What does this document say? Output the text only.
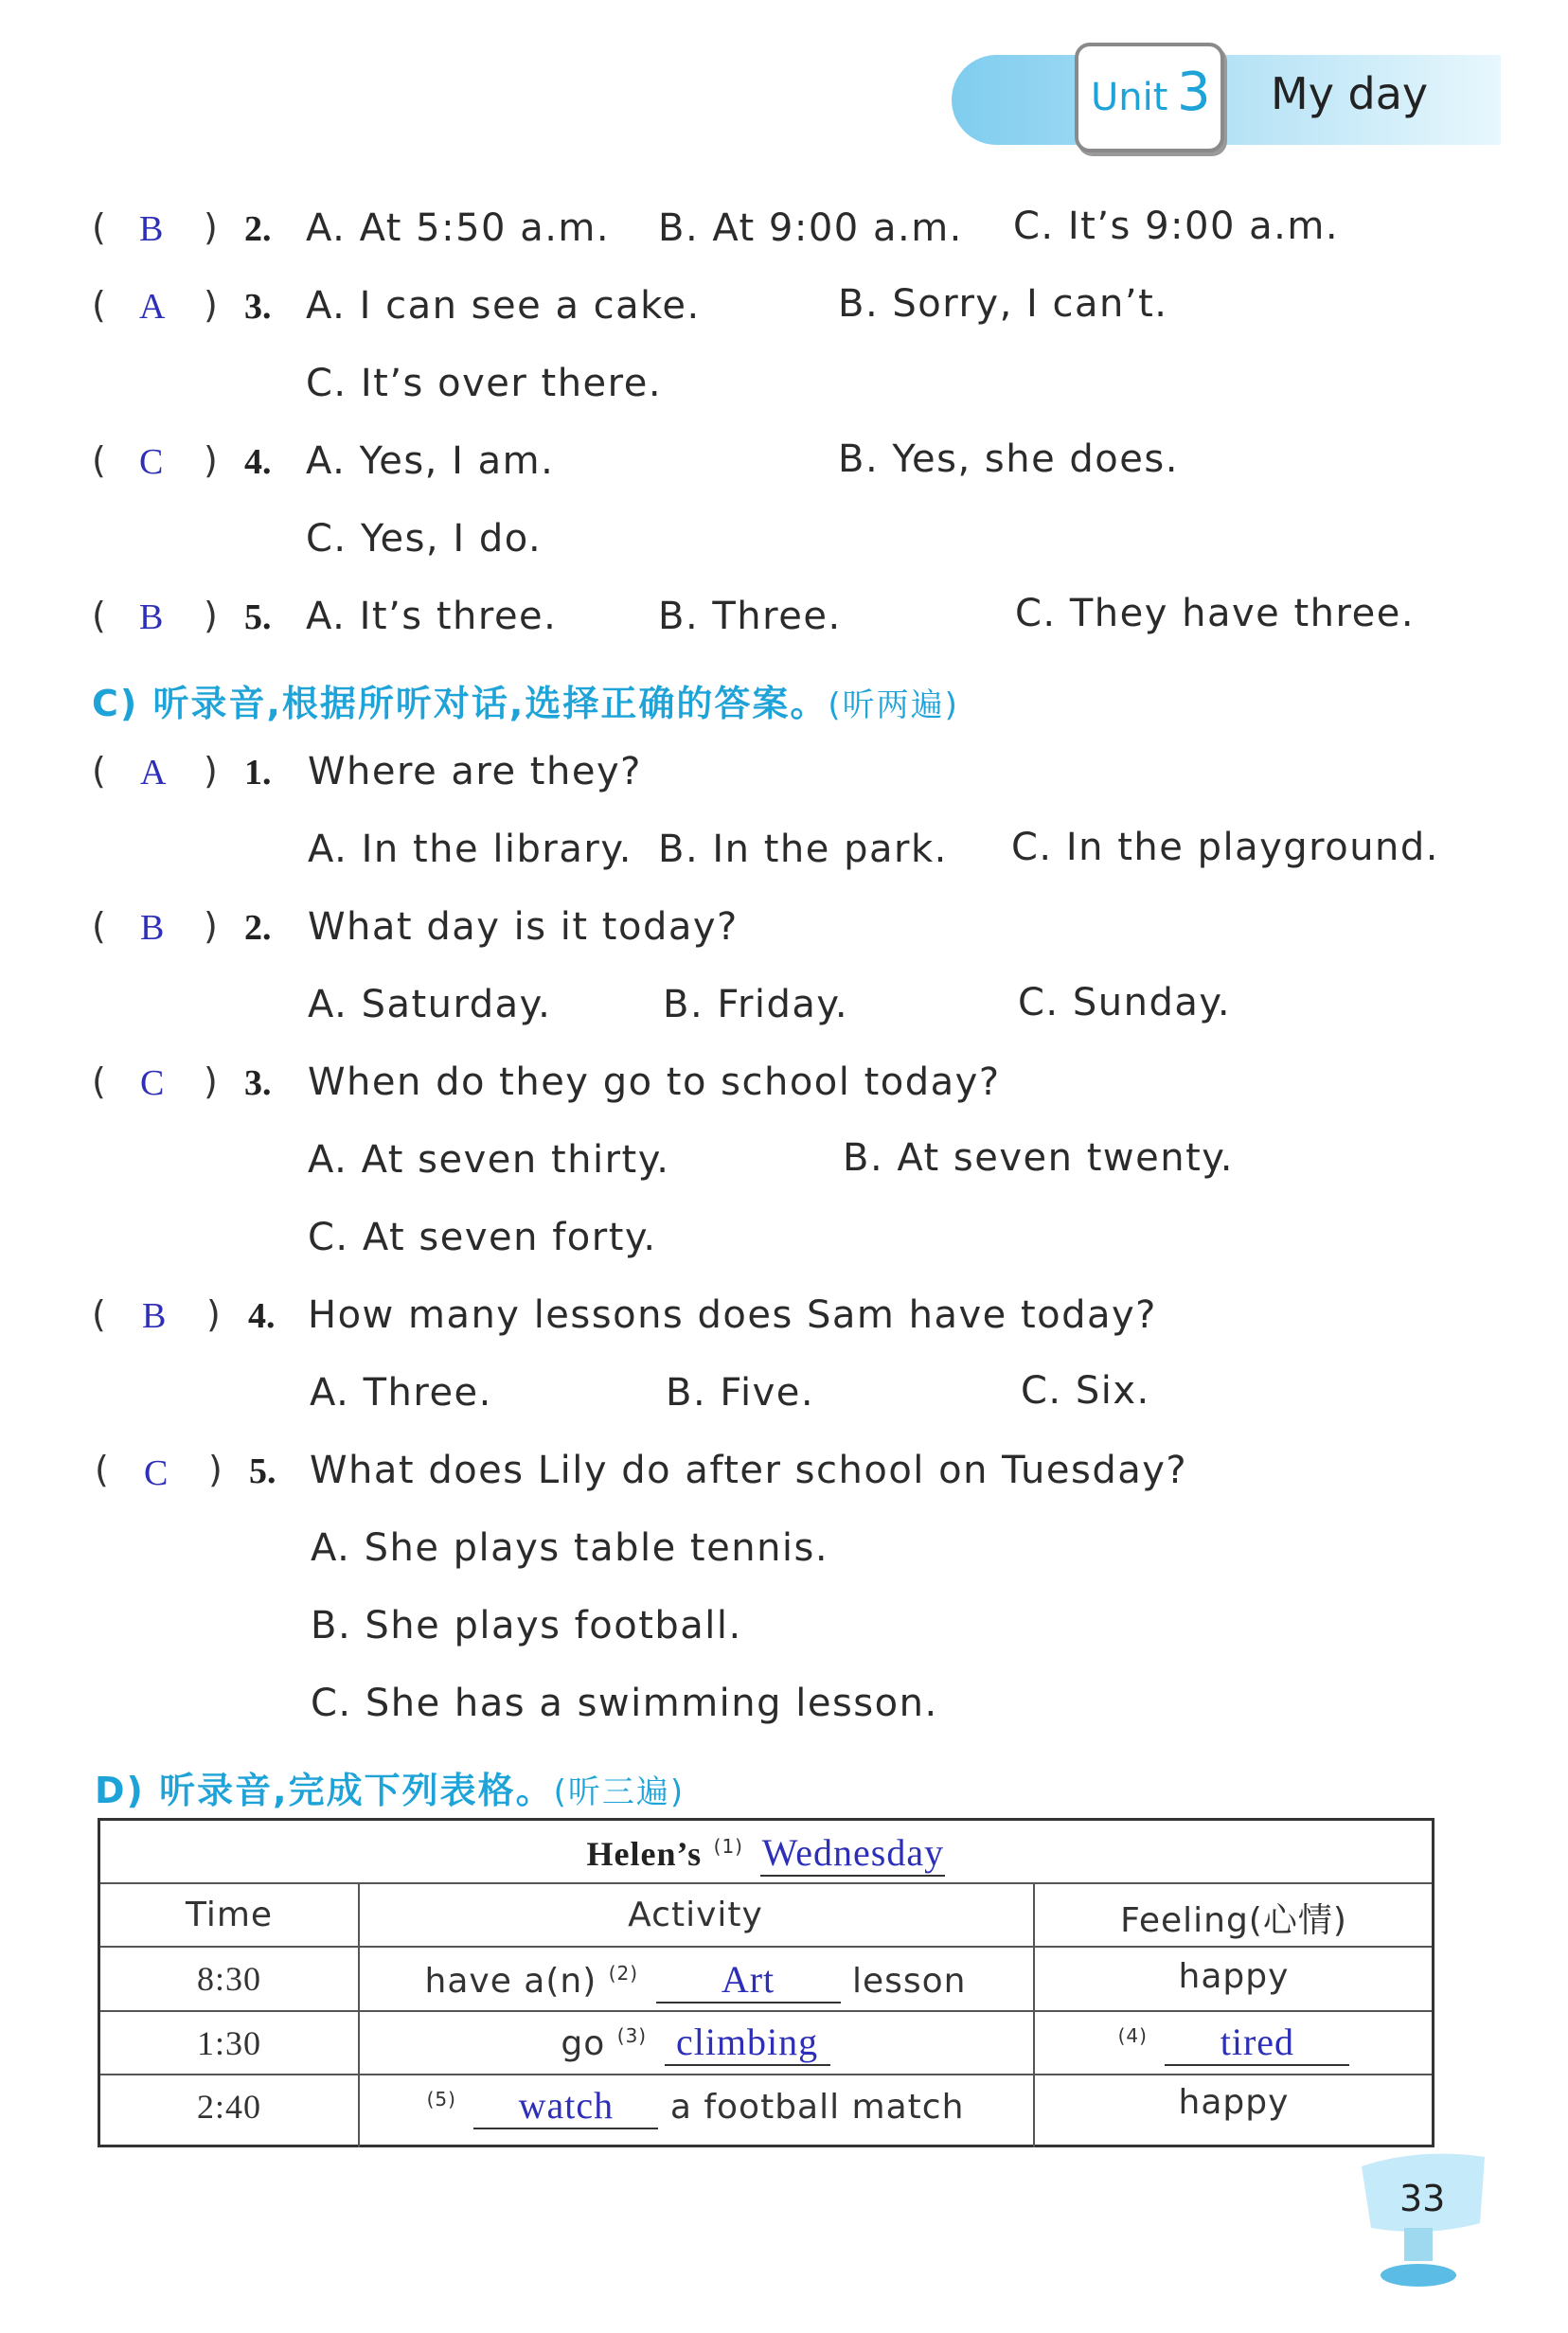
Unit 3 My day
( B ) 2. A. At 5:50 a.m. B. At 9:00 a.m. C. It’s 9:00 a.m.
( A ) 3. A. I can see a cake.	B. Sorry, I can’t.
C. It’s over there.
( C ) 4. A. Yes, I am.	B. Yes, she does.
C. Yes, I do.
( B ) 5. A. It’s three.	B. Three.	C. They have three.
C) 听录音,根据所听对话,选择正确的答案。(听两遍)
( A ) 1. Where are they?
A. In the library. B. In the park. C. In the playground.
( B ) 2. What day is it today?
A. Saturday.	B. Friday.	C. Sunday.
( C ) 3. When do they go to school today?
A. At seven thirty.	B. At seven twenty.
C. At seven forty.
( B ) 4. How many lessons does Sam have today?
A. Three.	B. Five.	C. Six.
( C ) 5. What does Lily do after school on Tuesday?
A. She plays table tennis.
B. She plays football.
C. She has a swimming lesson.
D) 听录音,完成下列表格。(听三遍)
Helen’s $^{(1)}$ Wednesday
Time	Activity	Feeling(心情)
8:30	have a(n) $^{(2)}$ Art lesson	happy
1:30	go $^{(3)}$ climbing	$^{(4)}$ tired
2:40	$^{(5)}$ watch a football match	happy
33
